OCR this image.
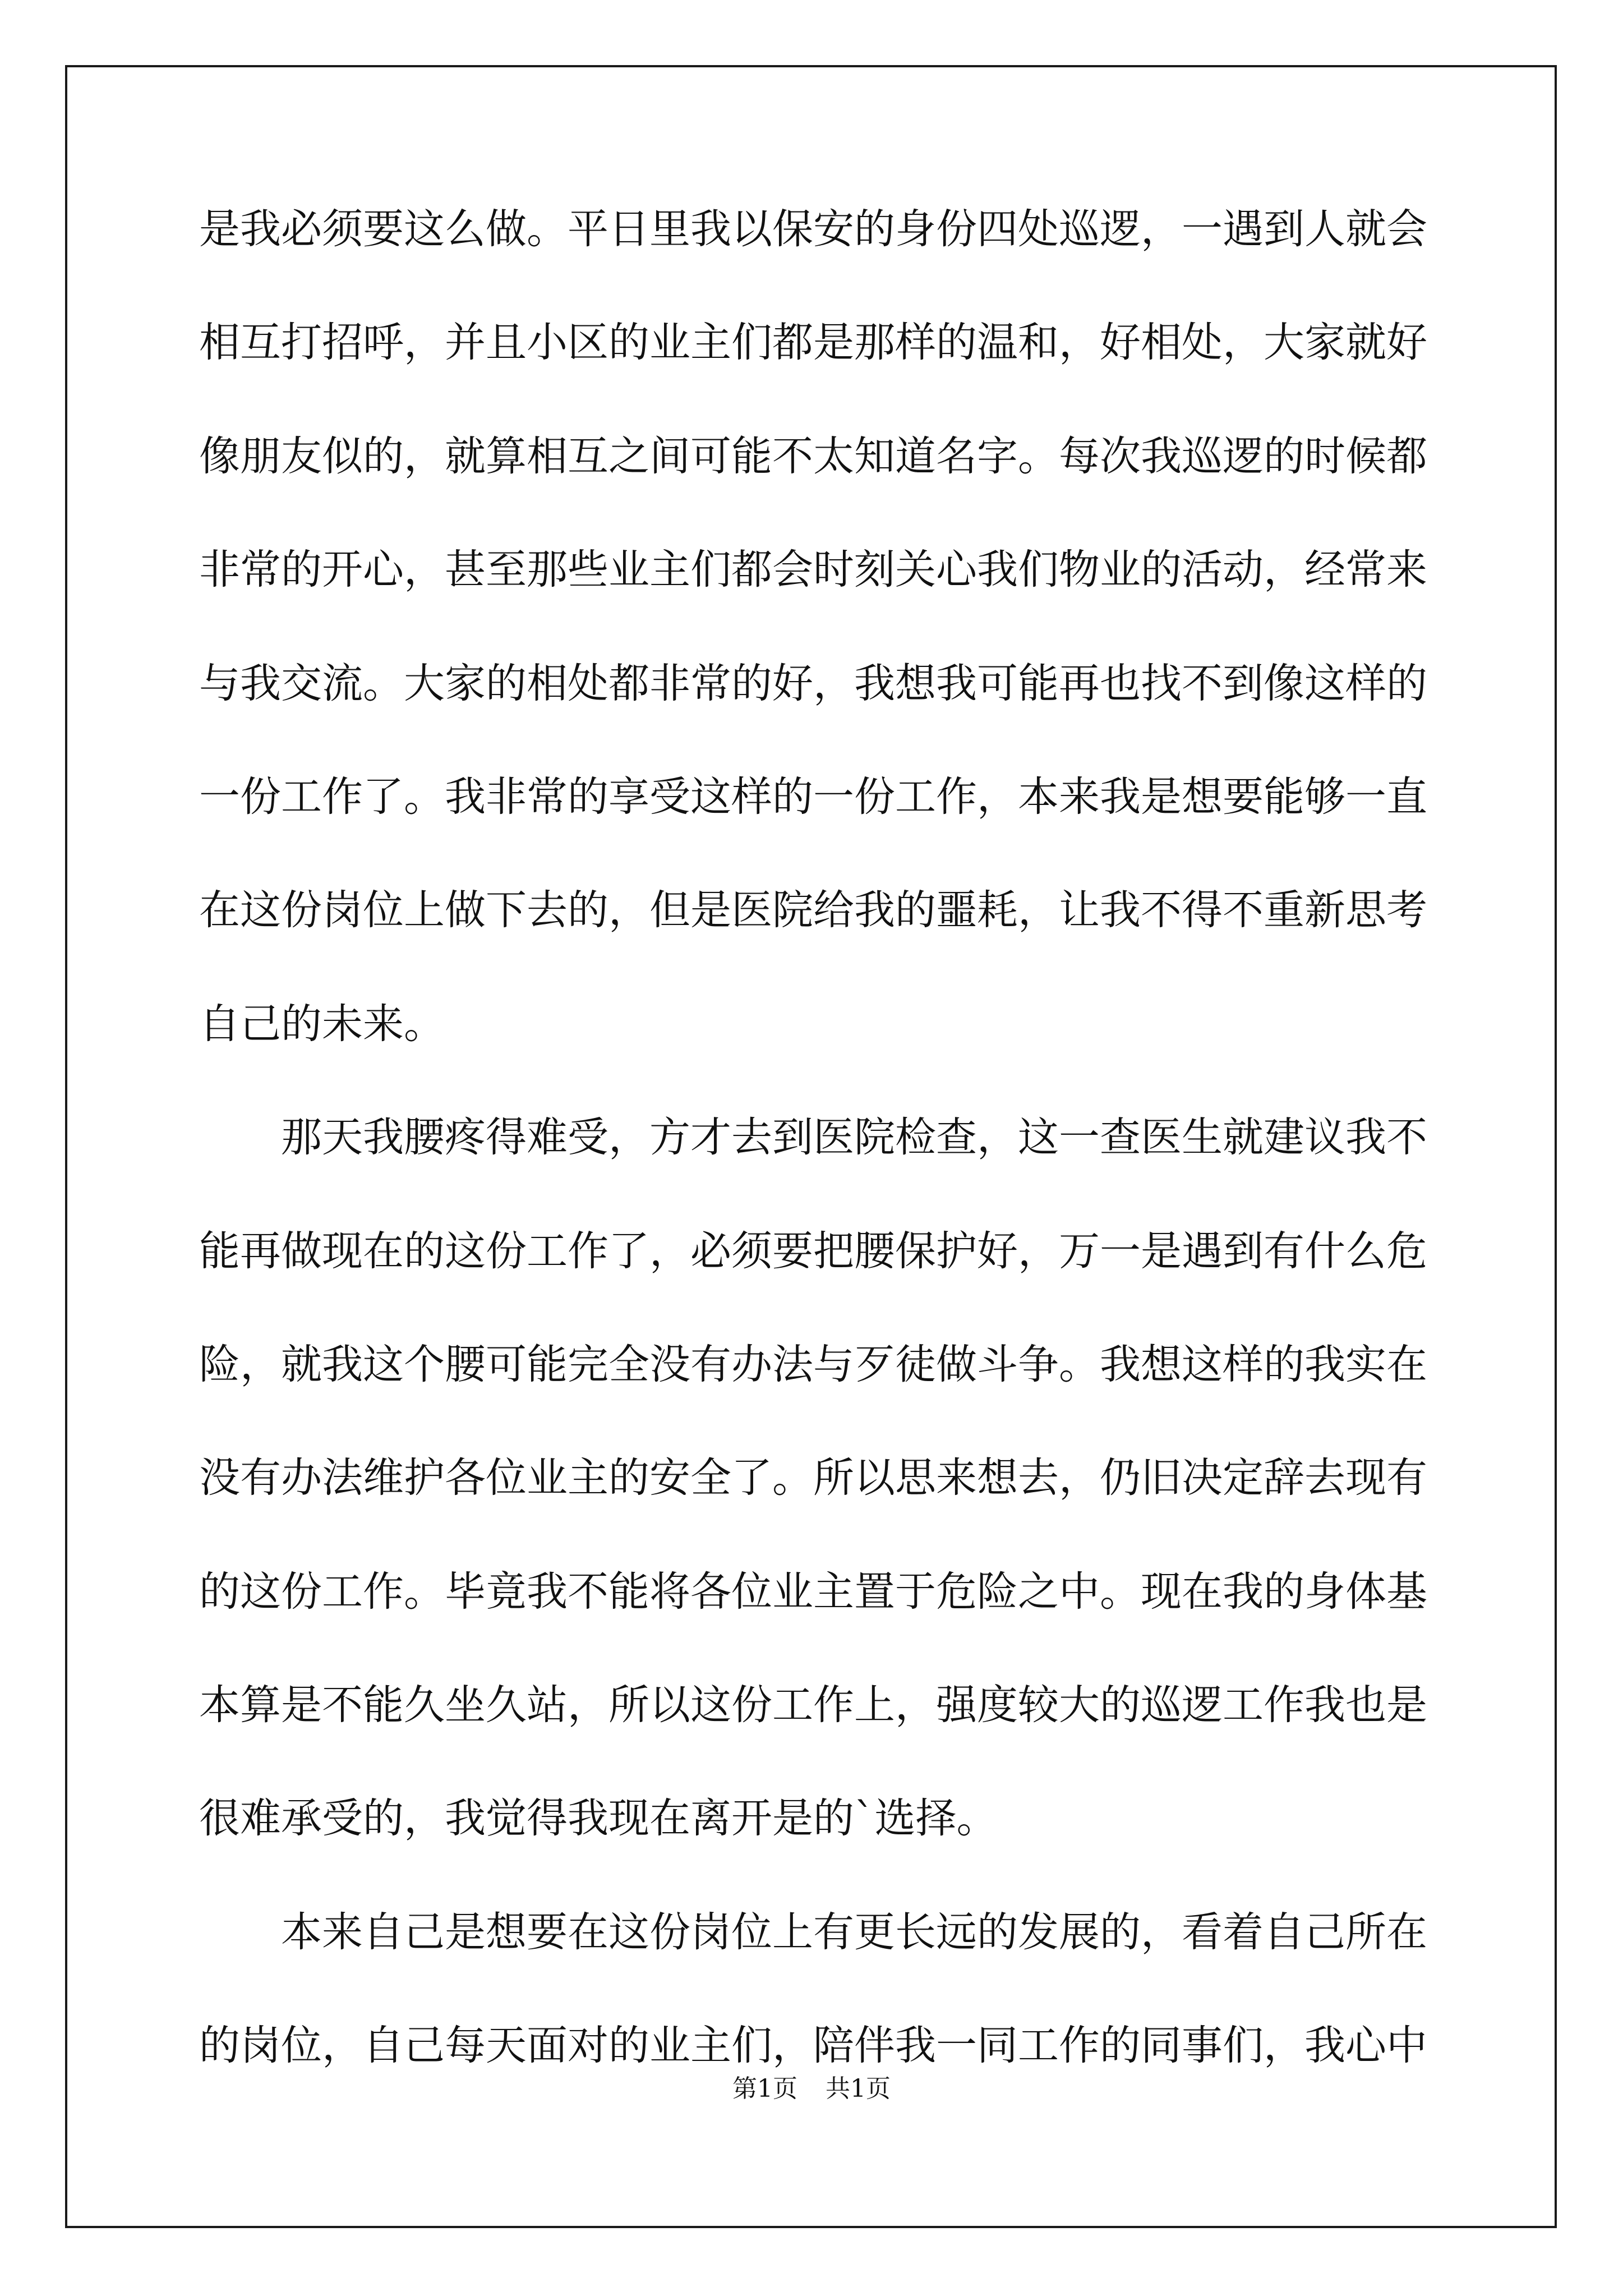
是我必须要这么做。平日里我以保安的身份四处巡逻，一遇到人就会
相互打招呼，并且小区的业主们都是那样的温和，好相处，大家就好
像朋友似的，就算相互之间可能不太知道名字。每次我巡逻的时候都
非常的开心，甚至那些业主们都会时刻关心我们物业的活动，经常来
与我交流。大家的相处都非常的好，我想我可能再也找不到像这样的
一份工作了。我非常的享受这样的一份工作，本来我是想要能够一直
在这份岗位上做下去的，但是医院给我的噩耗，让我不得不重新思考
自己的未来。
　　那天我腰疼得难受，方才去到医院检查，这一查医生就建议我不
能再做现在的这份工作了，必须要把腰保护好，万一是遇到有什么危
险，就我这个腰可能完全没有办法与歹徒做斗争。我想这样的我实在
没有办法维护各位业主的安全了。所以思来想去，仍旧决定辞去现有
的这份工作。毕竟我不能将各位业主置于危险之中。现在我的身体基
本算是不能久坐久站，所以这份工作上，强度较大的巡逻工作我也是
很难承受的，我觉得我现在离开是的`选择。
　　本来自己是想要在这份岗位上有更长远的发展的，看着自己所在
的岗位，自己每天面对的业主们，陪伴我一同工作的同事们，我心中
第1页 共1页
